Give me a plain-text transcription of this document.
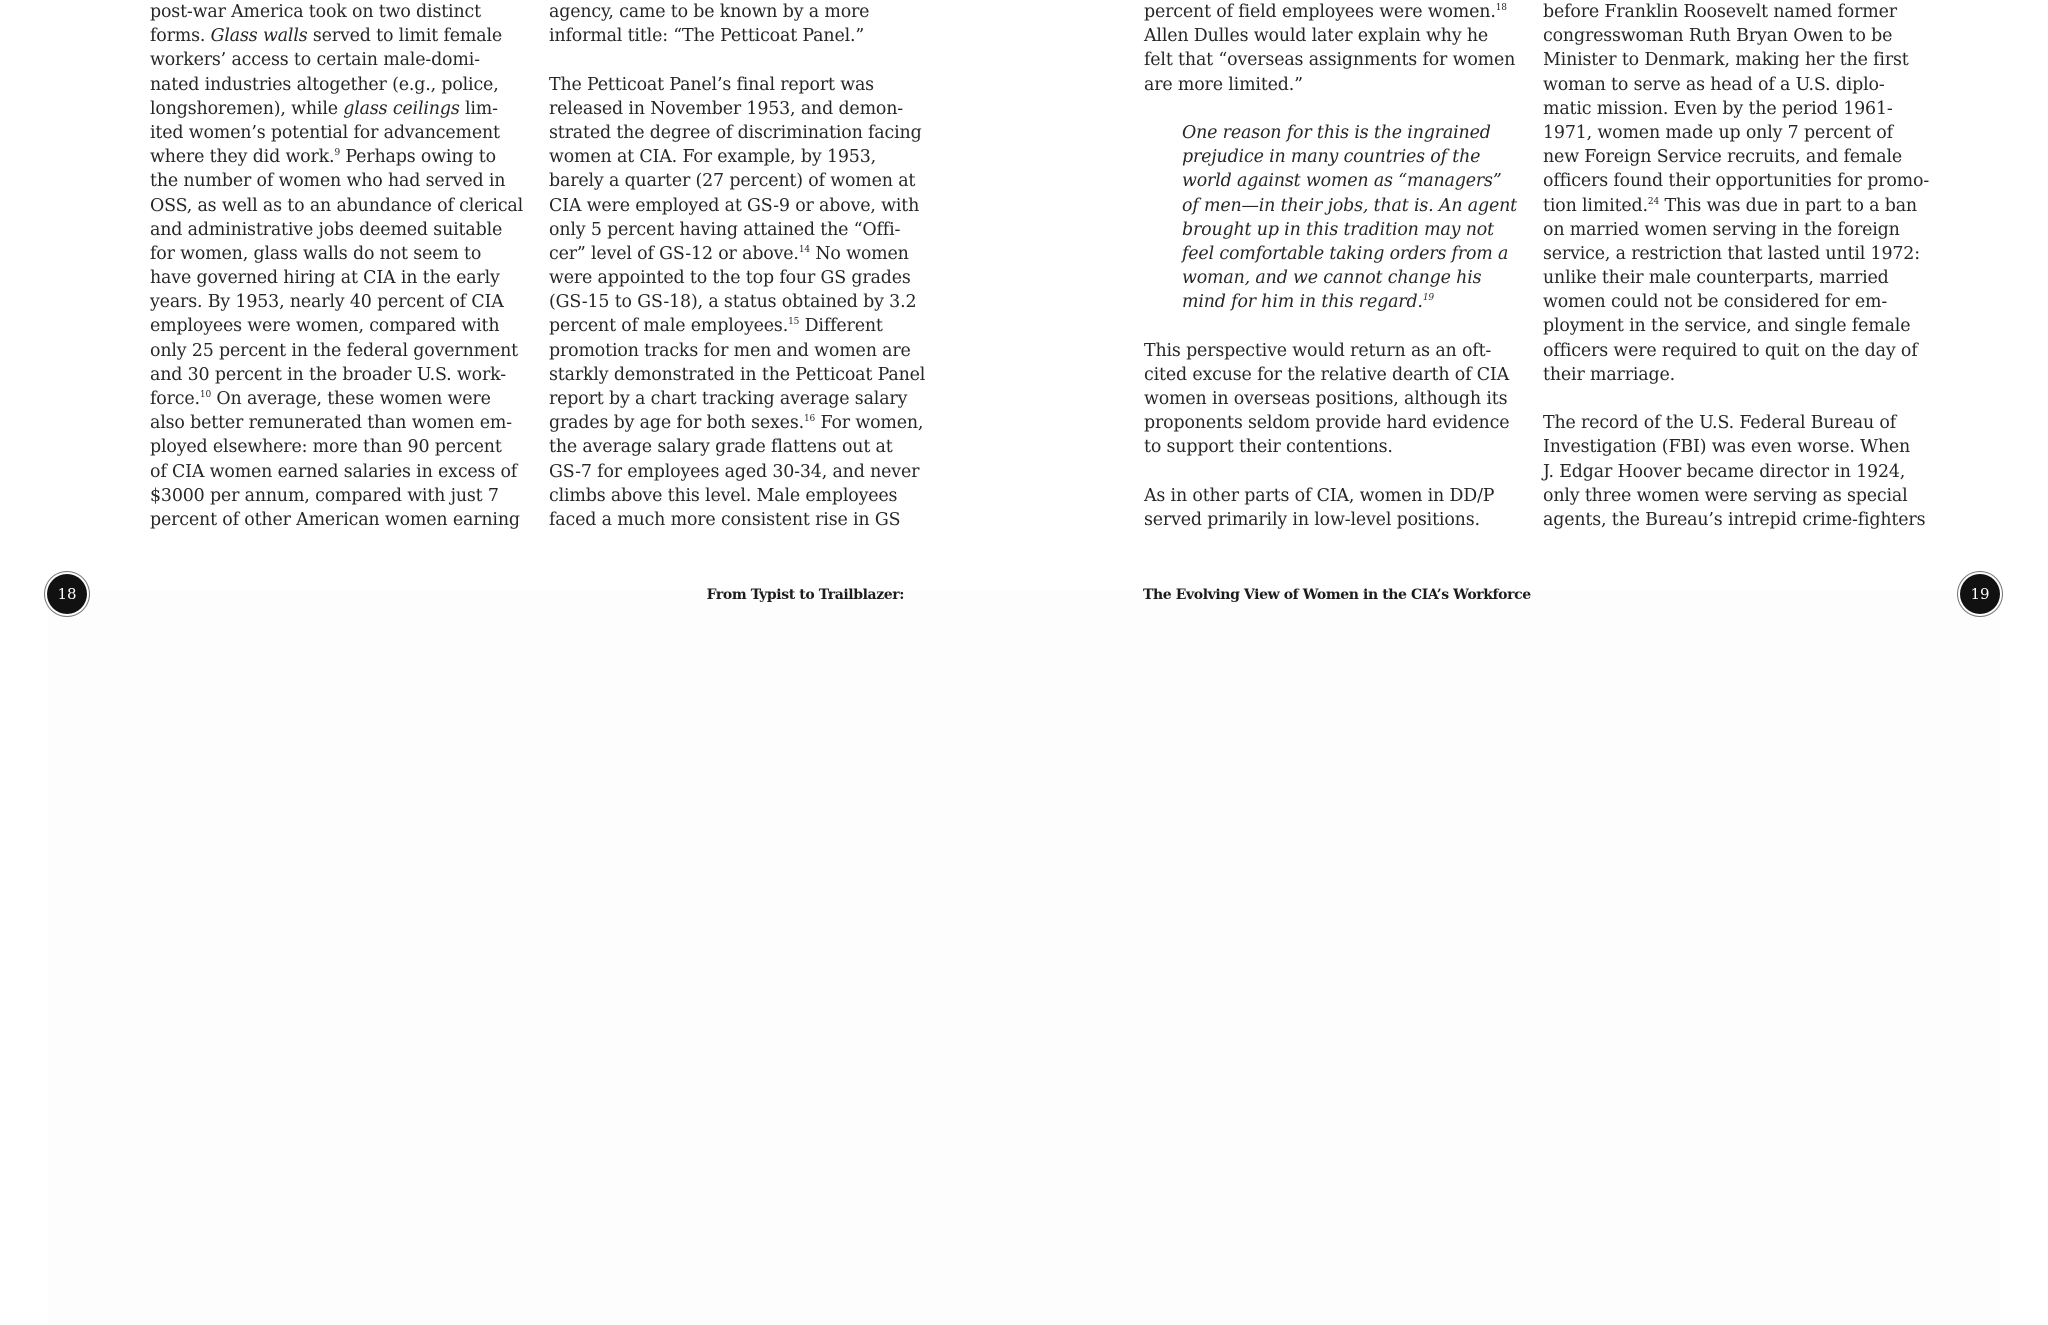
post-war America took on two distinct
forms. Glass walls served to limit female
workers’ access to certain male-domi-
nated industries altogether (e.g., police,
longshoremen), while glass ceilings lim-
ited women’s potential for advancement
where they did work.$^9$ Perhaps owing to
the number of women who had served in
OSS, as well as to an abundance of clerical
and administrative jobs deemed suitable
for women, glass walls do not seem to
have governed hiring at CIA in the early
years. By 1953, nearly 40 percent of CIA
employees were women, compared with
only 25 percent in the federal government
and 30 percent in the broader U.S. work-
force.$^{10}$ On average, these women were
also better remunerated than women em-
ployed elsewhere: more than 90 percent
of CIA women earned salaries in excess of
$3000 per annum, compared with just 7
percent of other American women earning
agency, came to be known by a more
informal title: “The Petticoat Panel.”
The Petticoat Panel’s final report was
released in November 1953, and demon-
strated the degree of discrimination facing
women at CIA. For example, by 1953,
barely a quarter (27 percent) of women at
CIA were employed at GS-9 or above, with
only 5 percent having attained the “Offi-
cer” level of GS-12 or above.$^{14}$ No women
were appointed to the top four GS grades
(GS-15 to GS-18), a status obtained by 3.2
percent of male employees.$^{15}$ Different
promotion tracks for men and women are
starkly demonstrated in the Petticoat Panel
report by a chart tracking average salary
grades by age for both sexes.$^{16}$ For women,
the average salary grade flattens out at
GS-7 for employees aged 30-34, and never
climbs above this level. Male employees
faced a much more consistent rise in GS
percent of field employees were women.$^{18}$
Allen Dulles would later explain why he
felt that “overseas assignments for women
are more limited.”
One reason for this is the ingrained
prejudice in many countries of the
world against women as “managers”
of men—in their jobs, that is. An agent
brought up in this tradition may not
feel comfortable taking orders from a
woman, and we cannot change his
mind for him in this regard.$^{19}$
This perspective would return as an oft-
cited excuse for the relative dearth of CIA
women in overseas positions, although its
proponents seldom provide hard evidence
to support their contentions.
As in other parts of CIA, women in DD/P
served primarily in low-level positions.
before Franklin Roosevelt named former
congresswoman Ruth Bryan Owen to be
Minister to Denmark, making her the first
woman to serve as head of a U.S. diplo-
matic mission. Even by the period 1961-
1971, women made up only 7 percent of
new Foreign Service recruits, and female
officers found their opportunities for promo-
tion limited.$^{24}$ This was due in part to a ban
on married women serving in the foreign
service, a restriction that lasted until 1972:
unlike their male counterparts, married
women could not be considered for em-
ployment in the service, and single female
officers were required to quit on the day of
their marriage.
The record of the U.S. Federal Bureau of
Investigation (FBI) was even worse. When
J. Edgar Hoover became director in 1924,
only three women were serving as special
agents, the Bureau’s intrepid crime-fighters
18	19
From Typist to Trailblazer:	The Evolving View of Women in the CIA’s Workforce
